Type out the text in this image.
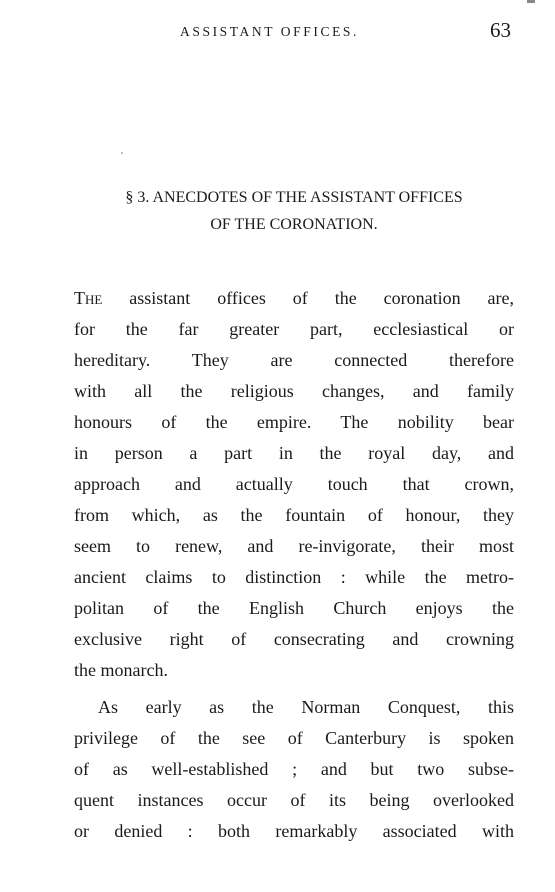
ASSISTANT OFFICES.	63
§ 3. ANECDOTES OF THE ASSISTANT OFFICES
OF THE CORONATION.
The assistant offices of the coronation are,
for the far greater part, ecclesiastical or
hereditary. They are connected therefore
with all the religious changes, and family
honours of the empire. The nobility bear
in person a part in the royal day, and
approach and actually touch that crown,
from which, as the fountain of honour, they
seem to renew, and re-invigorate, their most
ancient claims to distinction : while the metro-
politan of the English Church enjoys the
exclusive right of consecrating and crowning
the monarch.
As early as the Norman Conquest, this
privilege of the see of Canterbury is spoken
of as well-established ; and but two subse-
quent instances occur of its being overlooked
or denied : both remarkably associated with
